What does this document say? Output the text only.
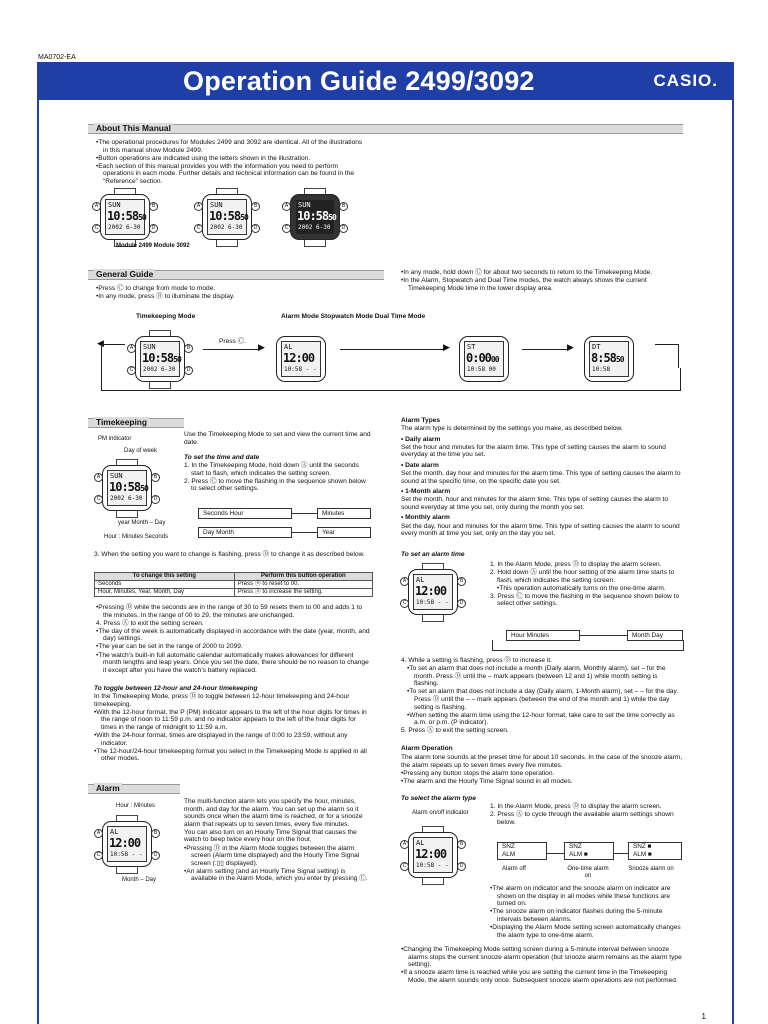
MA0702-EA
Operation Guide 2499/3092	CASIO.
About This Manual

•The operational procedures for Modules 2499 and 3092 are identical. All of the illustrations in this manual show Module 2499.

•Button operations are indicated using the letters shown in the illustration.

•Each section of this manual provides you with the information you need to perform operations in each mode. Further details and technical information can be found in the “Reference” section.

SUN
10:5850
2002 6-30
A
C
B
D
SUN
10:5850
2002 6-30
A
C
B
D
SUN
10:5850
2002 6-30
A
C
B
D
Module 2499 Module 3092
General Guide

•Press Ⓒ to change from mode to mode.

•In any mode, press Ⓑ to illuminate the display.

•In any mode, hold down Ⓒ for about two seconds to return to the Timekeeping Mode.

•In the Alarm, Stopwatch and Dual Time modes, the watch always shows the current Timekeeping Mode time in the lower display area.

Timekeeping Mode	Alarm Mode Stopwatch Mode Dual Time Mode
◀	SUN
10:5850
2002 6-30
A
C
B
D
Press Ⓒ.
▶	AL
12:00
10:58 - - -
▶ ST
0:0000
10:58 00
▶	DT
8:5850
10:58
Timekeeping
Use the Timekeeping Mode to set and view the current time and date.
PM indicator
Day of week
SUN
10:5850
2002 6-30
A
C
B
D
year Month – Day
Hour : Minutes Seconds
To set the time and date

1. In the Timekeeping Mode, hold down Ⓐ until the seconds start to flash, which indicates the setting screen.

2. Press Ⓒ to move the flashing in the sequence shown below to select other settings.

Seconds Hour	Minutes
Day Month	Year
3. When the setting you want to change is flashing, press Ⓓ to change it as described below.
To change this setting	Perform this button operation
Seconds	Press Ⓓ to reset to 00.
Hour, Minutes, Year, Month, Day	Press Ⓓ to increase the setting.

•Pressing Ⓓ while the seconds are in the range of 30 to 59 resets them to 00 and adds 1 to the minutes. In the range of 00 to 29, the minutes are unchanged.

4. Press Ⓐ to exit the setting screen.

•The day of the week is automatically displayed in accordance with the date (year, month, and day) settings.

•The year can be set in the range of 2000 to 2099.

•The watch’s built-in full automatic calendar automatically makes allowances for different month lengths and leap years. Once you set the date, there should be no reason to change it except after you have the watch’s battery replaced.

To toggle between 12-hour and 24-hour timekeeping

In the Timekeeping Mode, press Ⓓ to toggle between 12-hour timekeeping and 24-hour timekeeping.

•With the 12-hour format, the P (PM) indicator appears to the left of the hour digits for times in the range of noon to 11:59 p.m. and no indicator appears to the left of the hour digits for times in the range of midnight to 11:59 a.m.

•With the 24-hour format, times are displayed in the range of 0:00 to 23:59, without any indicator.

•The 12-hour/24-hour timekeeping format you select in the Timekeeping Mode is applied in all other modes.

Alarm
Hour : Minutes
AL
12:00
10:58 - - -
A
C
B
D
Month – Day

The multi-function alarm lets you specify the hour, minutes, month, and day for the alarm. You can set up the alarm so it sounds once when the alarm time is reached, or for a snooze alarm that repeats up to seven times, every five minutes.

You can also turn on an Hourly Time Signal that causes the watch to beep twice every hour on the hour.

•Pressing Ⓓ in the Alarm Mode toggles between the alarm screen (Alarm time displayed) and the Hourly Time Signal screen (:▯▯ displayed).

•An alarm setting (and an Hourly Time Signal setting) is available in the Alarm Mode, which you enter by pressing Ⓒ.

Alarm Types

The alarm type is determined by the settings you make, as described below.

• Daily alarm

Set the hour and minutes for the alarm time. This type of setting causes the alarm to sound everyday at the time you set.

• Date alarm

Set the month, day hour and minutes for the alarm time. This type of setting causes the alarm to sound at the specific time, on the specific date you set.

• 1-Month alarm

Set the month, hour and minutes for the alarm time. This type of setting causes the alarm to sound everyday at time you set, only during the month you set.

• Monthly alarm

Set the day, hour and minutes for the alarm time. This type of setting causes the alarm to sound every month at time you set, only on the day you set.

To set an alarm time
AL
12:00
10:58 - - -
A
C
B
D

1. In the Alarm Mode, press Ⓓ to display the alarm screen.

2. Hold down Ⓐ until the hour setting of the alarm time starts to flash, which indicates the setting screen.

•This operation automatically turns on the one-time alarm.

3. Press Ⓒ to move the flashing in the sequence shown below to select other settings.

Hour Minutes	Month Day

4. While a setting is flashing, press Ⓓ to increase it.

•To set an alarm that does not include a month (Daily alarm, Monthly alarm), set – for the month. Press Ⓓ until the – mark appears (between 12 and 1) while month setting is flashing.

•To set an alarm that does not include a day (Daily alarm, 1-Month alarm), set – – for the day. Press Ⓓ until the – – mark appears (between the end of the month and 1) while the day setting is flashing.

•When setting the alarm time using the 12-hour format, take care to set the time correctly as a.m. or p.m. (P indicator).

5. Press Ⓐ to exit the setting screen.

Alarm Operation

The alarm tone sounds at the preset time for about 10 seconds. In the case of the snooze alarm, the alarm repeats up to seven times every five minutes.

•Pressing any button stops the alarm tone operation.

•The alarm and the Hourly Time Signal sound in all modes.

To select the alarm type
Alarm on/off indicator
AL
12:00
10:58 - - -
A
C
B
D

1. In the Alarm Mode, press Ⓓ to display the alarm screen.

2. Press Ⓐ to cycle through the available alarm settings shown below.

SNZ
ALM
Alarm off
SNZ
ALM ■
One-time alarm on
SNZ ■
ALM ■
Snooze alarm on

•The alarm on indicator and the snooze alarm on indicator are shown on the display in all modes while these functions are turned on.

•The snooze alarm on indicator flashes during the 5-minute intervals between alarms.

•Displaying the Alarm Mode setting screen automatically changes the alarm type to one-time alarm.

•Changing the Timekeeping Mode setting screen during a 5-minute interval between snooze alarms stops the current snooze alarm operation (but snooze alarm remains as the alarm type setting).

•If a snooze alarm time is reached while you are setting the current time in the Timekeeping Mode, the alarm sounds only once. Subsequent snooze alarm operations are not performed.

1
